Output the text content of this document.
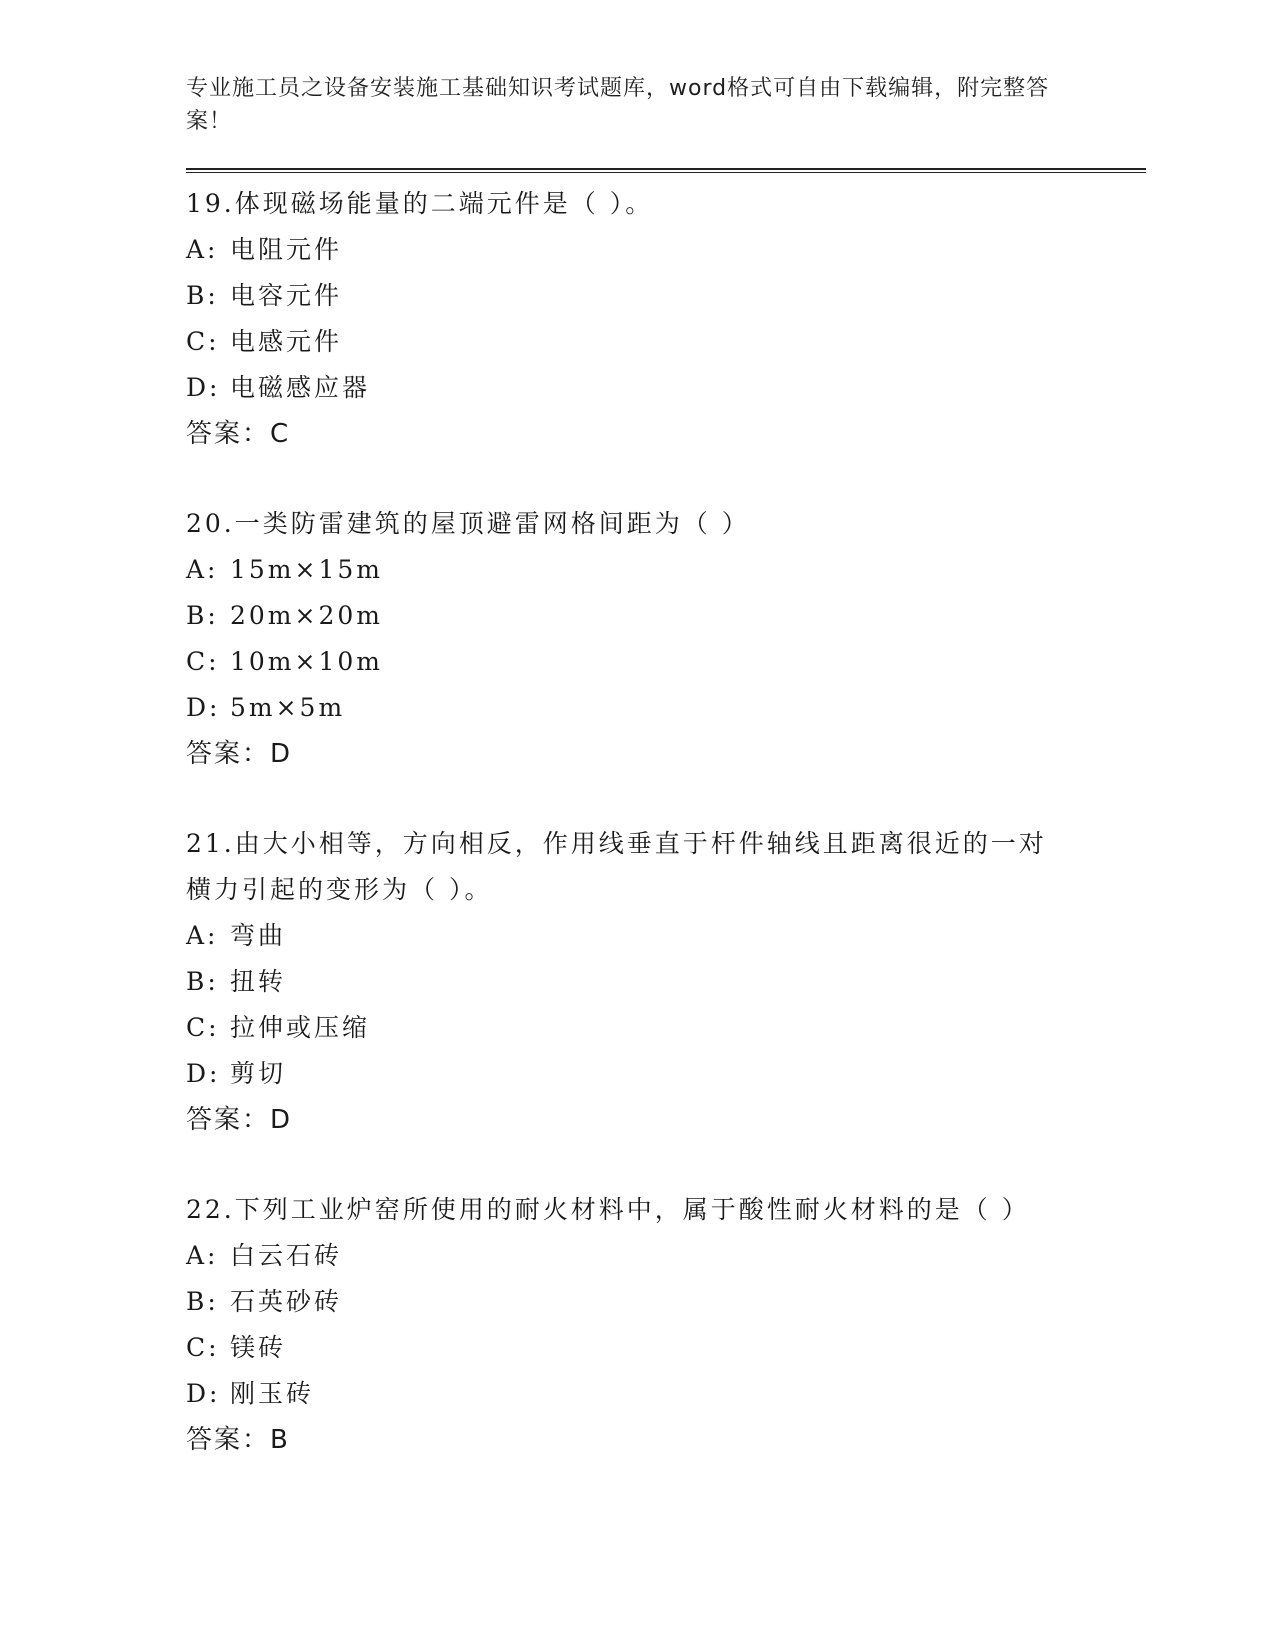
专业施工员之设备安装施工基础知识考试题库，word格式可自由下载编辑，附完整答案！
19.体现磁场能量的二端元件是（ ）。
A: 电阻元件
B: 电容元件
C: 电感元件
D: 电磁感应器
答案：C
20.一类防雷建筑的屋顶避雷网格间距为（ ）
A: 15m×15m
B: 20m×20m
C: 10m×10m
D: 5m×5m
答案：D
21.由大小相等，方向相反，作用线垂直于杆件轴线且距离很近的一对横力引起的变形为（ ）。
A: 弯曲
B: 扭转
C: 拉伸或压缩
D: 剪切
答案：D
22.下列工业炉窑所使用的耐火材料中，属于酸性耐火材料的是（ ）
A: 白云石砖
B: 石英砂砖
C: 镁砖
D: 刚玉砖
答案：B
